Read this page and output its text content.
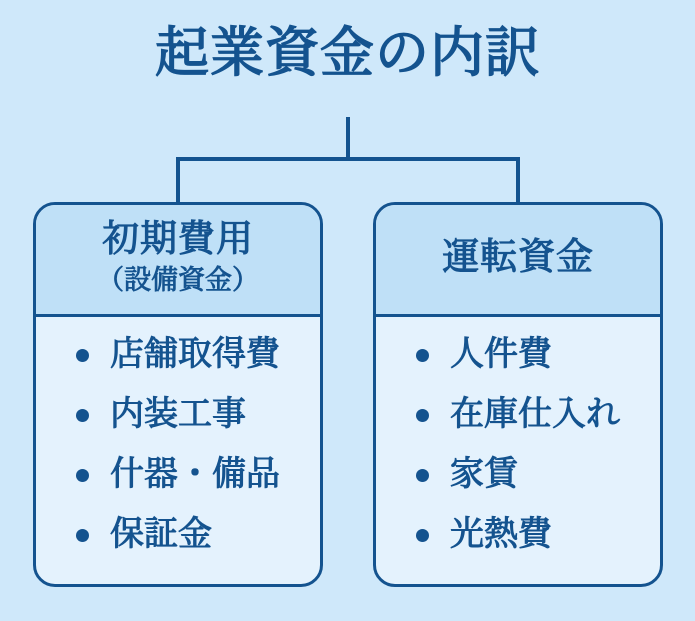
起業資金の内訳
初期費用
（設備資金）
店舗取得費
内装工事
什器・備品
保証金
運転資金
人件費
在庫仕入れ
家賃
光熱費
